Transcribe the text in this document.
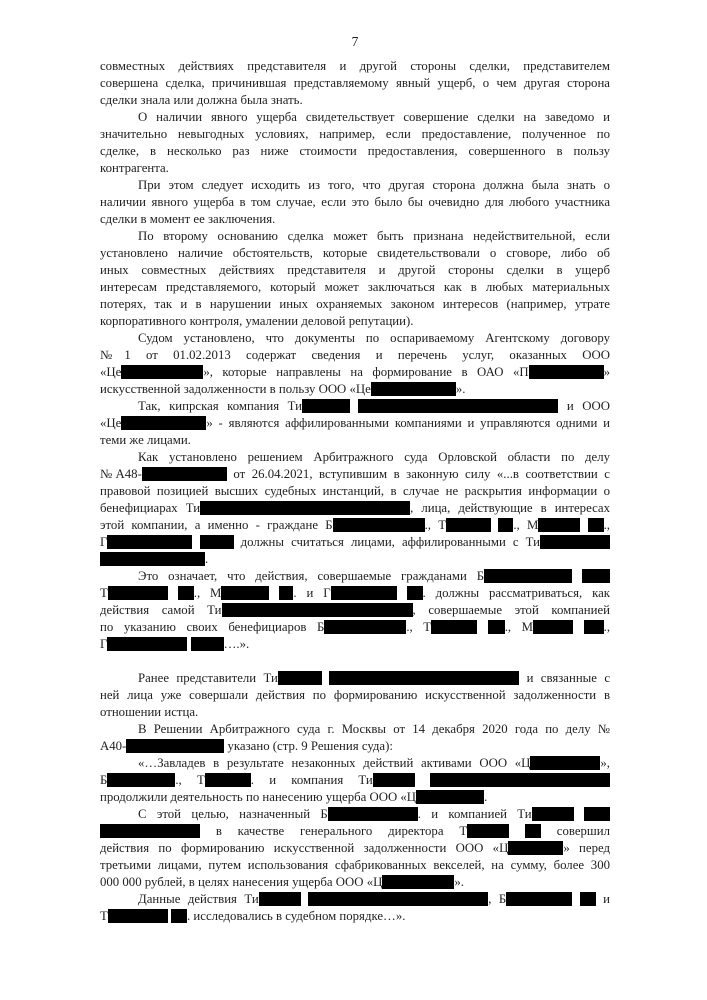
7
совместных действиях представителя и другой стороны сделки, представителем
совершена сделка, причинившая представляемому явный ущерб, о чем другая сторона
сделки знала или должна была знать.
О наличии явного ущерба свидетельствует совершение сделки на заведомо и
значительно невыгодных условиях, например, если предоставление, полученное по
сделке, в несколько раз ниже стоимости предоставления, совершенного в пользу
контрагента.
При этом следует исходить из того, что другая сторона должна была знать о
наличии явного ущерба в том случае, если это было бы очевидно для любого участника
сделки в момент ее заключения.
По второму основанию сделка может быть признана недействительной, если
установлено наличие обстоятельств, которые свидетельствовали о сговоре, либо об
иных совместных действиях представителя и другой стороны сделки в ущерб
интересам представляемого, который может заключаться как в любых материальных
потерях, так и в нарушении иных охраняемых законом интересов (например, утрате
корпоративного контроля, умалении деловой репутации).
Судом установлено, что документы по оспариваемому Агентскому договору
№1 от 01.02.2013 содержат сведения и перечень услуг, оказанных ООО
«Це	», которые направлены на формирование в ОАО «П	»
искусственной задолженности в пользу ООО «Це	».
Так, кипрская компания Ти	и ООО
«Це	» - являются аффилированными компаниями и управляются одними и
теми же лицами.
Как установлено решением Арбитражного суда Орловской области по делу
№А48-	от 26.04.2021, вступившим в законную силу «...в соответствии с
правовой позицией высших судебных инстанций, в случае не раскрытия информации о
бенефициарах Ти	, лица, действующие в интересах
этой компании, а именно - граждане Б	., Т	., М	.,
Г	должны считаться лицами, аффилированными с Ти
.
Это означает, что действия, совершаемые гражданами Б
Т	., М	. и Г	. должны рассматриваться, как
действия самой Ти	, совершаемые этой компанией
по указанию своих бенефициаров Б	., Т	., М	.,
Г	….».
Ранее представители Ти	и связанные с
ней лица уже совершали действия по формированию искусственной задолженности в
отношении истца.
В Решении Арбитражного суда г. Москвы от 14 декабря 2020 года по делу №
А40-	указано (стр. 9 Решения суда):
«…Завладев в результате незаконных действий активами ООО «Ц	»,
Б	., Т	. и компания Ти
продолжили деятельность по нанесению ущерба ООО «Ц	.
С этой целью, назначенный Б	. и компанией Ти
в качестве генерального директора Т	совершил
действия по формированию искусственной задолженности ООО «Ц	» перед
третьими лицами, путем использования сфабрикованных векселей, на сумму, более 300
000 000 рублей, в целях нанесения ущерба ООО «Ц	».
Данные действия Ти	, Б	и
Т	. исследовались в судебном порядке…».
